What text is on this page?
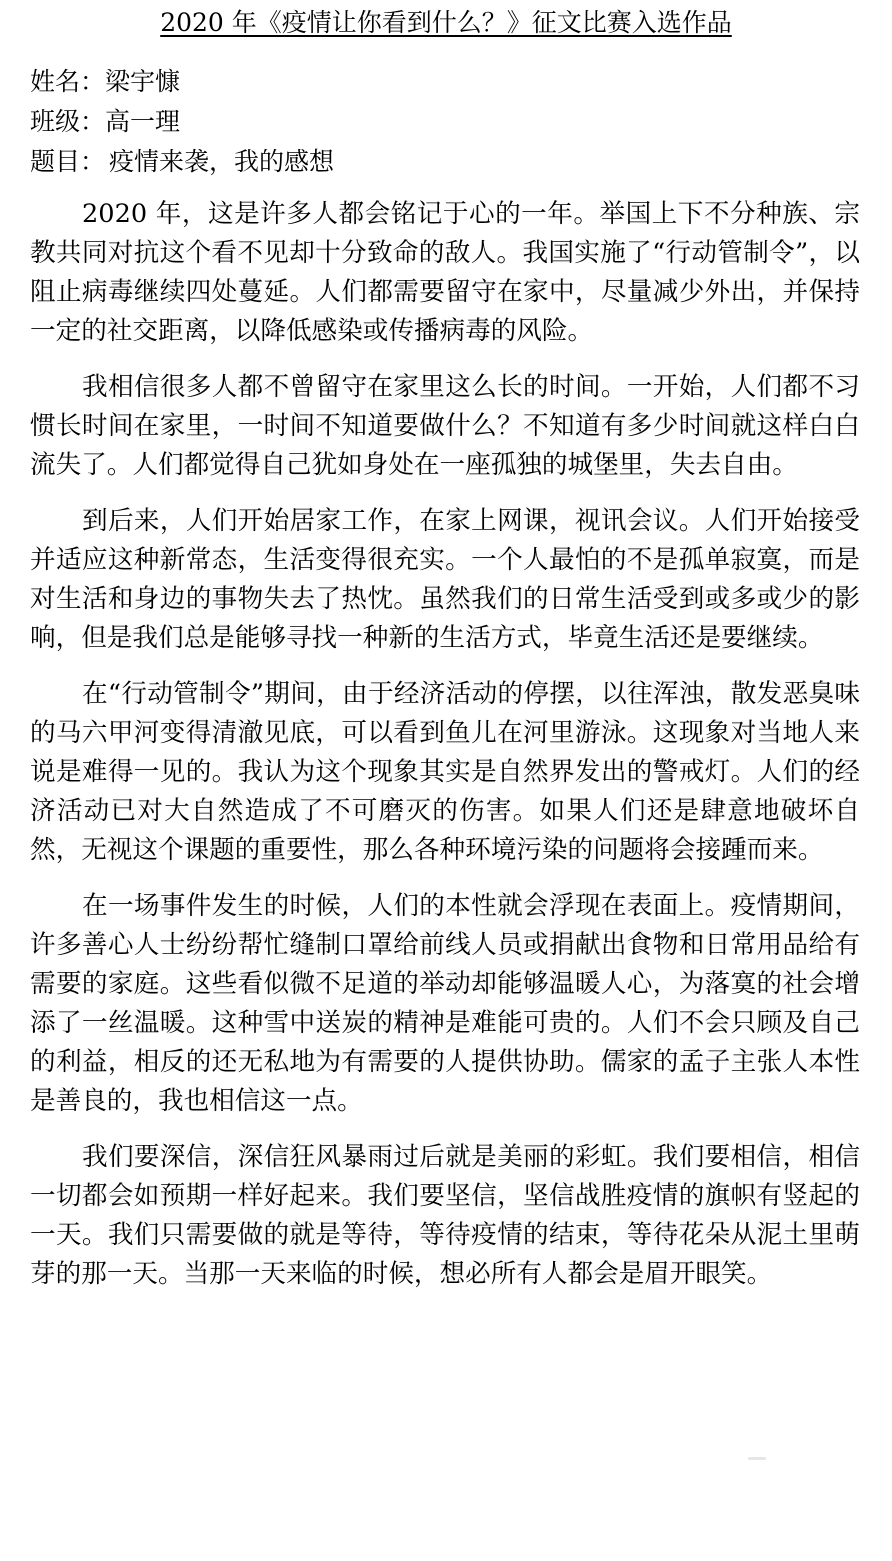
2020 年《疫情让你看到什么？》征文比赛入选作品
姓名：梁宇慷
班级：高一理
题目： 疫情来袭，我的感想

2020 年，这是许多人都会铭记于心的一年。举国上下不分种族、宗教共同对抗这个看不见却十分致命的敌人。我国实施了“行动管制令”，以阻止病毒继续四处蔓延。人们都需要留守在家中，尽量减少外出，并保持一定的社交距离，以降低感染或传播病毒的风险。

我相信很多人都不曾留守在家里这么长的时间。一开始，人们都不习惯长时间在家里，一时间不知道要做什么？不知道有多少时间就这样白白流失了。人们都觉得自己犹如身处在一座孤独的城堡里，失去自由。

到后来，人们开始居家工作，在家上网课，视讯会议。人们开始接受并适应这种新常态，生活变得很充实。一个人最怕的不是孤单寂寞，而是对生活和身边的事物失去了热忱。虽然我们的日常生活受到或多或少的影响，但是我们总是能够寻找一种新的生活方式，毕竟生活还是要继续。

在“行动管制令”期间，由于经济活动的停摆，以往浑浊，散发恶臭味的马六甲河变得清澈见底，可以看到鱼儿在河里游泳。这现象对当地人来说是难得一见的。我认为这个现象其实是自然界发出的警戒灯。人们的经济活动已对大自然造成了不可磨灭的伤害。如果人们还是肆意地破坏自然，无视这个课题的重要性，那么各种环境污染的问题将会接踵而来。

在一场事件发生的时候，人们的本性就会浮现在表面上。疫情期间，许多善心人士纷纷帮忙缝制口罩给前线人员或捐献出食物和日常用品给有需要的家庭。这些看似微不足道的举动却能够温暖人心，为落寞的社会增添了一丝温暖。这种雪中送炭的精神是难能可贵的。人们不会只顾及自己的利益，相反的还无私地为有需要的人提供协助。儒家的孟子主张人本性是善良的，我也相信这一点。

我们要深信，深信狂风暴雨过后就是美丽的彩虹。我们要相信，相信一切都会如预期一样好起来。我们要坚信，坚信战胜疫情的旗帜有竖起的一天。我们只需要做的就是等待，等待疫情的结束，等待花朵从泥土里萌芽的那一天。当那一天来临的时候，想必所有人都会是眉开眼笑。
